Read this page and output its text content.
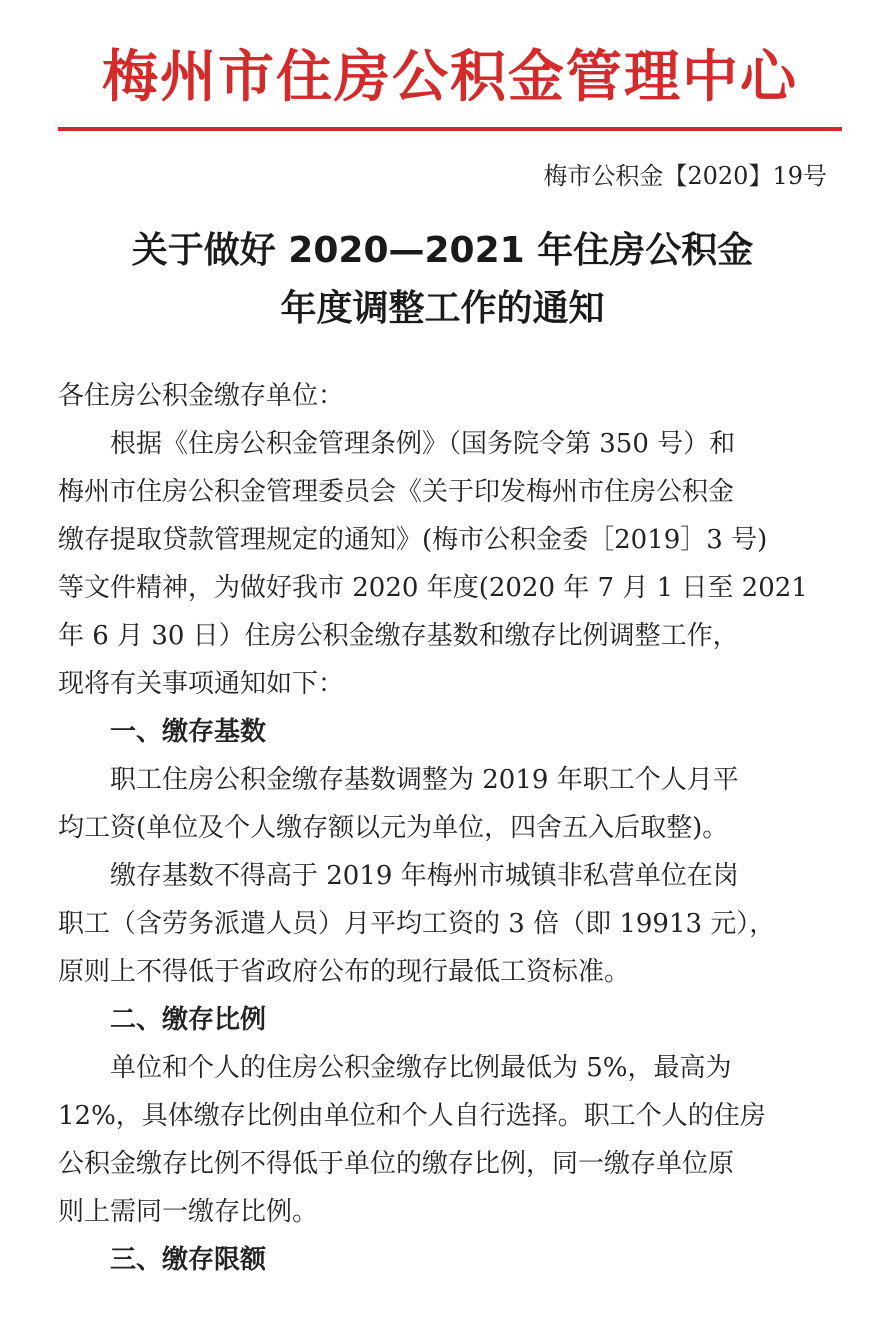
梅州市住房公积金管理中心
梅市公积金【2020】19号
关于做好 2020—2021 年住房公积金
年度调整工作的通知
各住房公积金缴存单位：
根据《住房公积金管理条例》（国务院令第 350 号）和
梅州市住房公积金管理委员会《关于印发梅州市住房公积金
缴存提取贷款管理规定的通知》(梅市公积金委［2019］3 号)
等文件精神，为做好我市 2020 年度(2020 年 7 月 1 日至 2021
年 6 月 30 日）住房公积金缴存基数和缴存比例调整工作，
现将有关事项通知如下：
一、缴存基数
职工住房公积金缴存基数调整为 2019 年职工个人月平
均工资(单位及个人缴存额以元为单位，四舍五入后取整)。
缴存基数不得高于 2019 年梅州市城镇非私营单位在岗
职工（含劳务派遣人员）月平均工资的 3 倍（即 19913 元），
原则上不得低于省政府公布的现行最低工资标准。
二、缴存比例
单位和个人的住房公积金缴存比例最低为 5%，最高为
12%，具体缴存比例由单位和个人自行选择。职工个人的住房
公积金缴存比例不得低于单位的缴存比例，同一缴存单位原
则上需同一缴存比例。
三、缴存限额
